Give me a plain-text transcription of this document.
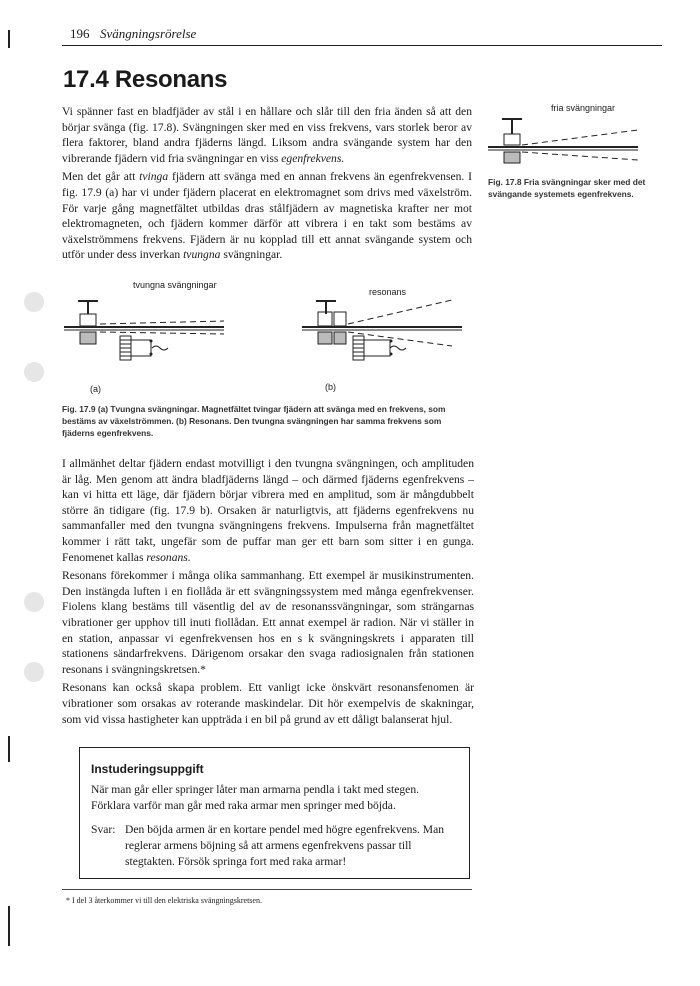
196 Svängningsrörelse
17.4 Resonans

Vi spänner fast en bladfjäder av stål i en hållare och slår till den fria änden så att den börjar svänga (fig. 17.8). Svängningen sker med en viss frekvens, vars storlek beror av flera faktorer, bland andra fjäderns längd. Liksom andra svängande system har den vibrerande fjädern vid fria svängningar en viss egenfrekvens.

Men det går att tvinga fjädern att svänga med en annan frekvens än egenfrekvensen. I fig. 17.9 (a) har vi under fjädern placerat en elektromagnet som drivs med växelström. För varje gång magnetfältet utbildas dras stålfjädern av magnetiska krafter ner mot elektromagneten, och fjädern kommer därför att vibrera i en takt som bestäms av växelströmmens frekvens. Fjädern är nu kopplad till ett annat svängande system och utför under dess inverkan tvungna svängningar.

fria svängningar
Fig. 17.8 Fria svängningar sker med det svängande systemets egenfrekvens.
tvungna svängningar
resonans
(a)	(b)
Fig. 17.9 (a) Tvungna svängningar. Magnetfältet tvingar fjädern att svänga med en frekvens, som bestäms av växelströmmen. (b) Resonans. Den tvungna svängningen har samma frekvens som fjäderns egenfrekvens.

I allmänhet deltar fjädern endast motvilligt i den tvungna svängningen, och amplituden är låg. Men genom att ändra bladfjäderns längd – och därmed fjäderns egenfrekvens – kan vi hitta ett läge, där fjädern börjar vibrera med en amplitud, som är mångdubbelt större än tidigare (fig. 17.9 b). Orsaken är naturligtvis, att fjäderns egenfrekvens nu sammanfaller med den tvungna svängningens frekvens. Impulserna från magnetfältet kommer i rätt takt, ungefär som de puffar man ger ett barn som sitter i en gunga. Fenomenet kallas resonans.

Resonans förekommer i många olika sammanhang. Ett exempel är musikinstrumenten. Den instängda luften i en fiollåda är ett svängningssystem med många egenfrekvenser. Fiolens klang bestäms till väsentlig del av de resonanssvängningar, som strängarnas vibrationer ger upphov till inuti fiollådan. Ett annat exempel är radion. När vi ställer in en station, anpassar vi egenfrekvensen hos en s k svängningskrets i apparaten till stationens sändarfrekvens. Därigenom orsakar den svaga radiosignalen från stationen resonans i svängningskretsen.*

Resonans kan också skapa problem. Ett vanligt icke önskvärt resonansfenomen är vibrationer som orsakas av roterande maskindelar. Dit hör exempelvis de skakningar, som vid vissa hastigheter kan uppträda i en bil på grund av ett dåligt balanserat hjul.

Instuderingsuppgift
När man går eller springer låter man armarna pendla i takt med stegen. Förklara varför man går med raka armar men springer med böjda.
Svar: Den böjda armen är en kortare pendel med högre egenfrekvens. Man reglerar armens böjning så att armens egenfrekvens passar till stegtakten. Försök springa fort med raka armar!
* I del 3 återkommer vi till den elektriska svängningskretsen.
